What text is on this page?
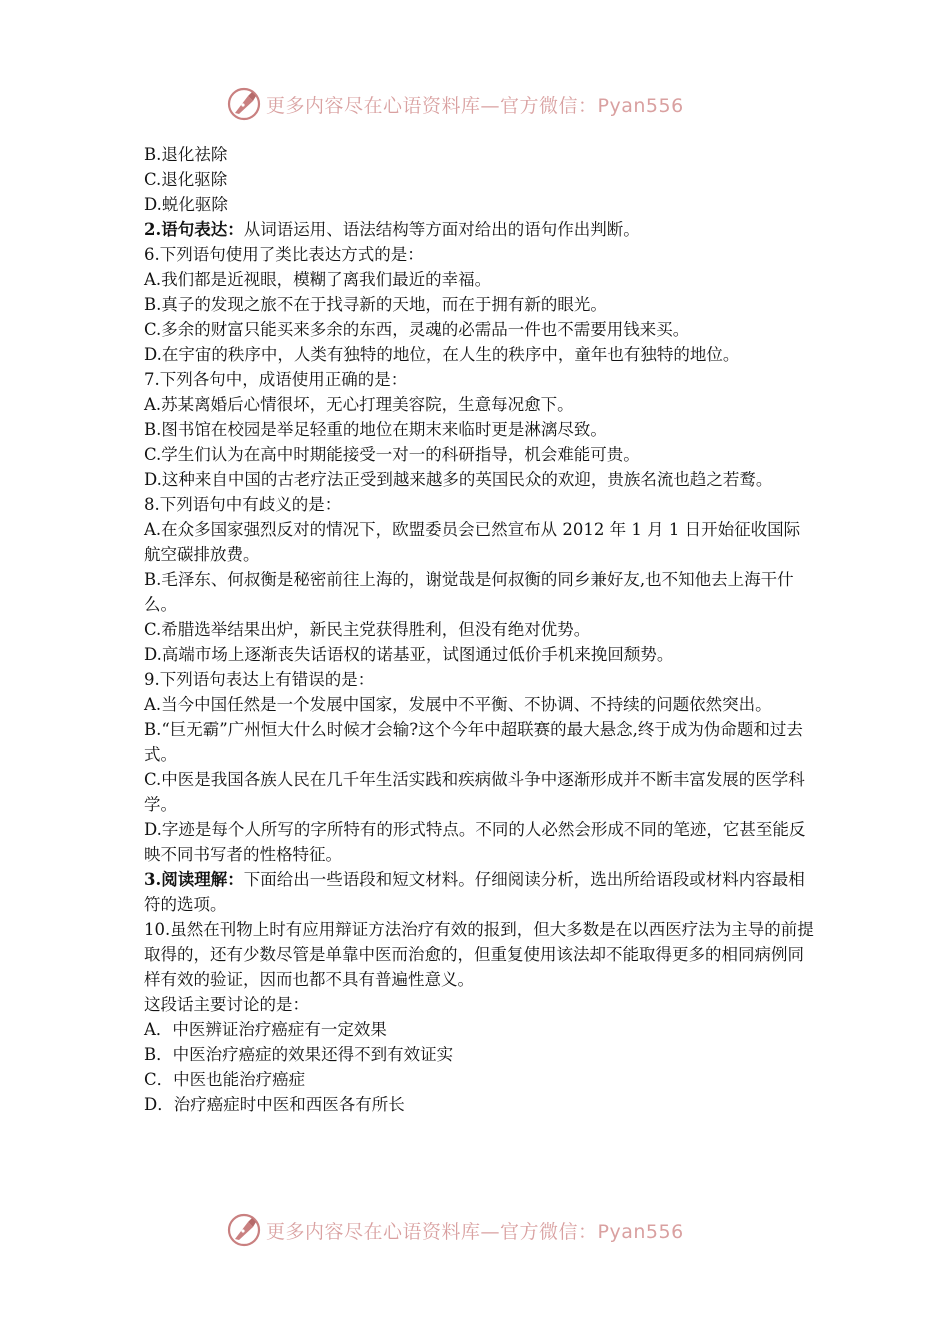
更多内容尽在心语资料库—官方微信：Pyan556
B.退化祛除
C.退化驱除
D.蜕化驱除
2.语句表达：从词语运用、语法结构等方面对给出的语句作出判断。
6.下列语句使用了类比表达方式的是：
A.我们都是近视眼，模糊了离我们最近的幸福。
B.真子的发现之旅不在于找寻新的天地，而在于拥有新的眼光。
C.多余的财富只能买来多余的东西，灵魂的必需品一件也不需要用钱来买。
D.在宇宙的秩序中，人类有独特的地位，在人生的秩序中，童年也有独特的地位。
7.下列各句中，成语使用正确的是：
A.苏某离婚后心情很坏，无心打理美容院，生意每况愈下。
B.图书馆在校园是举足轻重的地位在期末来临时更是淋漓尽致。
C.学生们认为在高中时期能接受一对一的科研指导，机会难能可贵。
D.这种来自中国的古老疗法正受到越来越多的英国民众的欢迎，贵族名流也趋之若鹜。
8.下列语句中有歧义的是：
A.在众多国家强烈反对的情况下，欧盟委员会已然宣布从 2012 年 1 月 1 日开始征收国际航空碳排放费。
B.毛泽东、何叔衡是秘密前往上海的，谢觉哉是何叔衡的同乡兼好友,也不知他去上海干什么。
C.希腊选举结果出炉，新民主党获得胜利，但没有绝对优势。
D.高端市场上逐渐丧失话语权的诺基亚，试图通过低价手机来挽回颓势。
9.下列语句表达上有错误的是：
A.当今中国任然是一个发展中国家，发展中不平衡、不协调、不持续的问题依然突出。
B.“巨无霸”广州恒大什么时候才会输?这个今年中超联赛的最大悬念,终于成为伪命题和过去式。
C.中医是我国各族人民在几千年生活实践和疾病做斗争中逐渐形成并不断丰富发展的医学科学。
D.字迹是每个人所写的字所特有的形式特点。不同的人必然会形成不同的笔迹，它甚至能反映不同书写者的性格特征。
3.阅读理解：下面给出一些语段和短文材料。仔细阅读分析，选出所给语段或材料内容最相符的选项。
10.虽然在刊物上时有应用辩证方法治疗有效的报到，但大多数是在以西医疗法为主导的前提取得的，还有少数尽管是单靠中医而治愈的，但重复使用该法却不能取得更多的相同病例同样有效的验证，因而也都不具有普遍性意义。
这段话主要讨论的是：
A．中医辨证治疗癌症有一定效果
B．中医治疗癌症的效果还得不到有效证实
C．中医也能治疗癌症
D．治疗癌症时中医和西医各有所长
更多内容尽在心语资料库—官方微信：Pyan556
